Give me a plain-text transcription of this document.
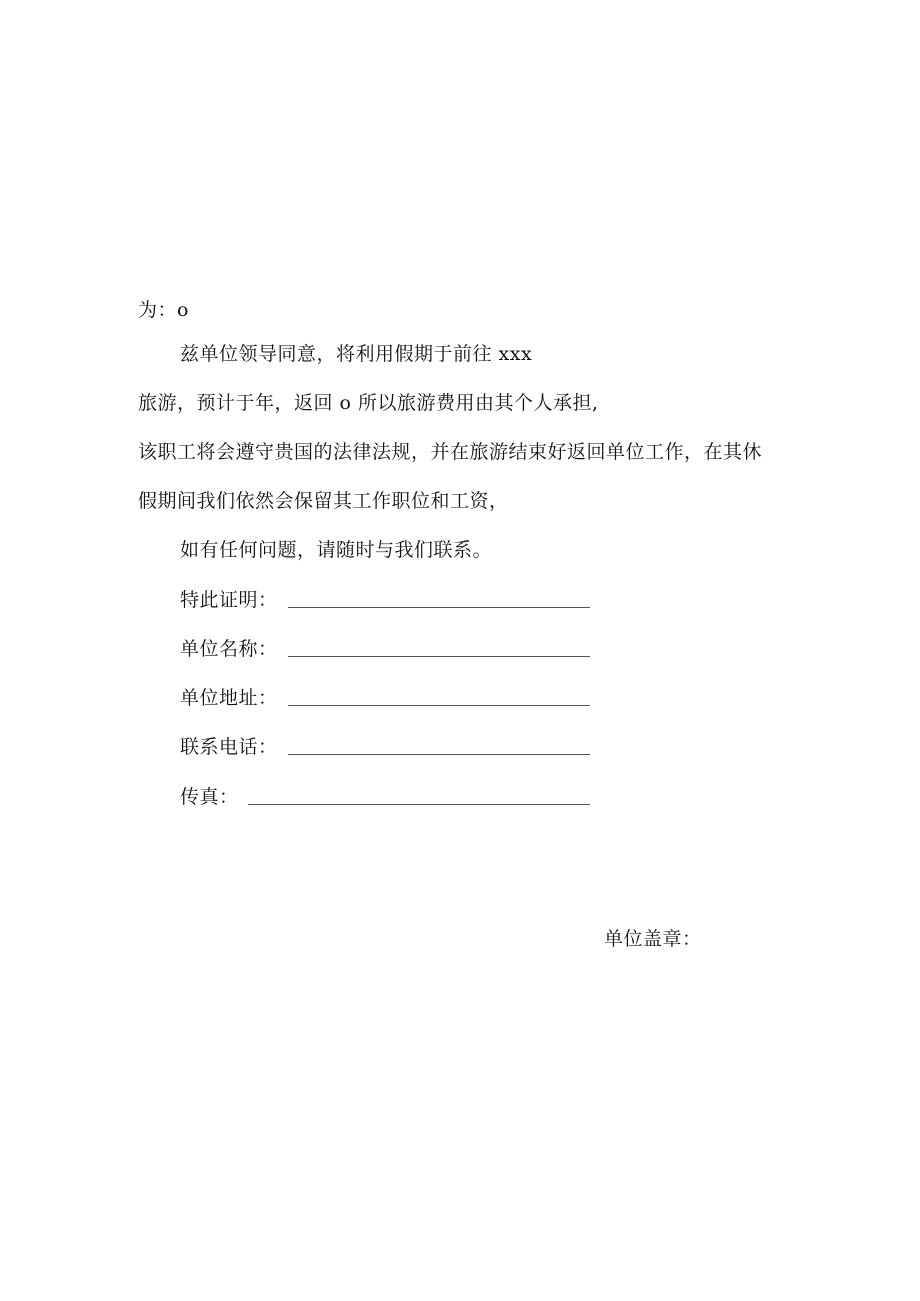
为：o
兹单位领导同意，将利用假期于前往 xxx
旅游，预计于年，返回 o 所以旅游费用由其个人承担,
该职工将会遵守贵国的法律法规，并在旅游结束好返回单位工作，在其休
假期间我们依然会保留其工作职位和工资，
如有任何问题，请随时与我们联系。
特此证明：
单位名称：
单位地址：
联系电话：
传真：
单位盖章：
